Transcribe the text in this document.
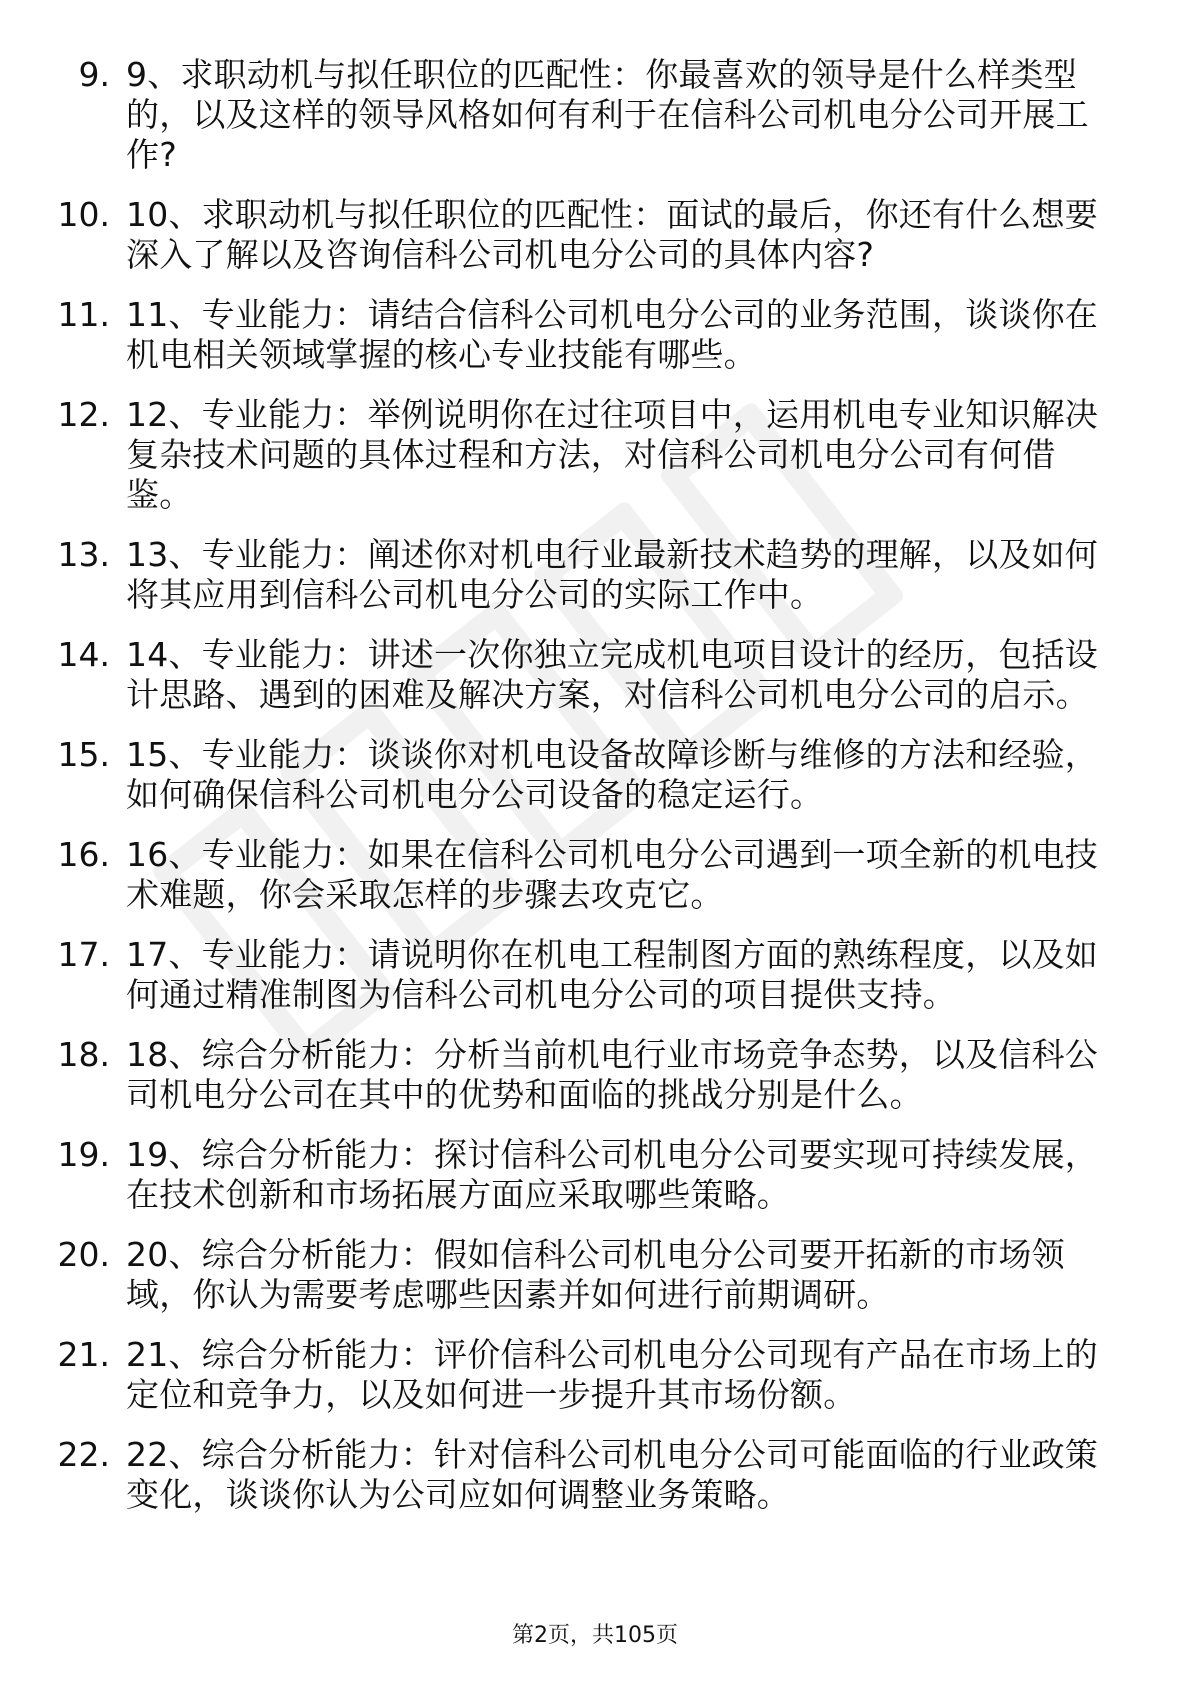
9. 9、求职动机与拟任职位的匹配性：你最喜欢的领导是什么样类型的，以及这样的领导风格如何有利于在信科公司机电分公司开展工作?
10. 10、求职动机与拟任职位的匹配性：面试的最后，你还有什么想要深入了解以及咨询信科公司机电分公司的具体内容?
11. 11、专业能力：请结合信科公司机电分公司的业务范围，谈谈你在机电相关领域掌握的核心专业技能有哪些。
12. 12、专业能力：举例说明你在过往项目中，运用机电专业知识解决复杂技术问题的具体过程和方法，对信科公司机电分公司有何借鉴。
13. 13、专业能力：阐述你对机电行业最新技术趋势的理解，以及如何将其应用到信科公司机电分公司的实际工作中。
14. 14、专业能力：讲述一次你独立完成机电项目设计的经历，包括设计思路、遇到的困难及解决方案，对信科公司机电分公司的启示。
15. 15、专业能力：谈谈你对机电设备故障诊断与维修的方法和经验，如何确保信科公司机电分公司设备的稳定运行。
16. 16、专业能力：如果在信科公司机电分公司遇到一项全新的机电技术难题，你会采取怎样的步骤去攻克它。
17. 17、专业能力：请说明你在机电工程制图方面的熟练程度，以及如何通过精准制图为信科公司机电分公司的项目提供支持。
18. 18、综合分析能力：分析当前机电行业市场竞争态势，以及信科公司机电分公司在其中的优势和面临的挑战分别是什么。
19. 19、综合分析能力：探讨信科公司机电分公司要实现可持续发展，在技术创新和市场拓展方面应采取哪些策略。
20. 20、综合分析能力：假如信科公司机电分公司要开拓新的市场领域，你认为需要考虑哪些因素并如何进行前期调研。
21. 21、综合分析能力：评价信科公司机电分公司现有产品在市场上的定位和竞争力，以及如何进一步提升其市场份额。
22. 22、综合分析能力：针对信科公司机电分公司可能面临的行业政策变化，谈谈你认为公司应如何调整业务策略。
第2页，共105页
